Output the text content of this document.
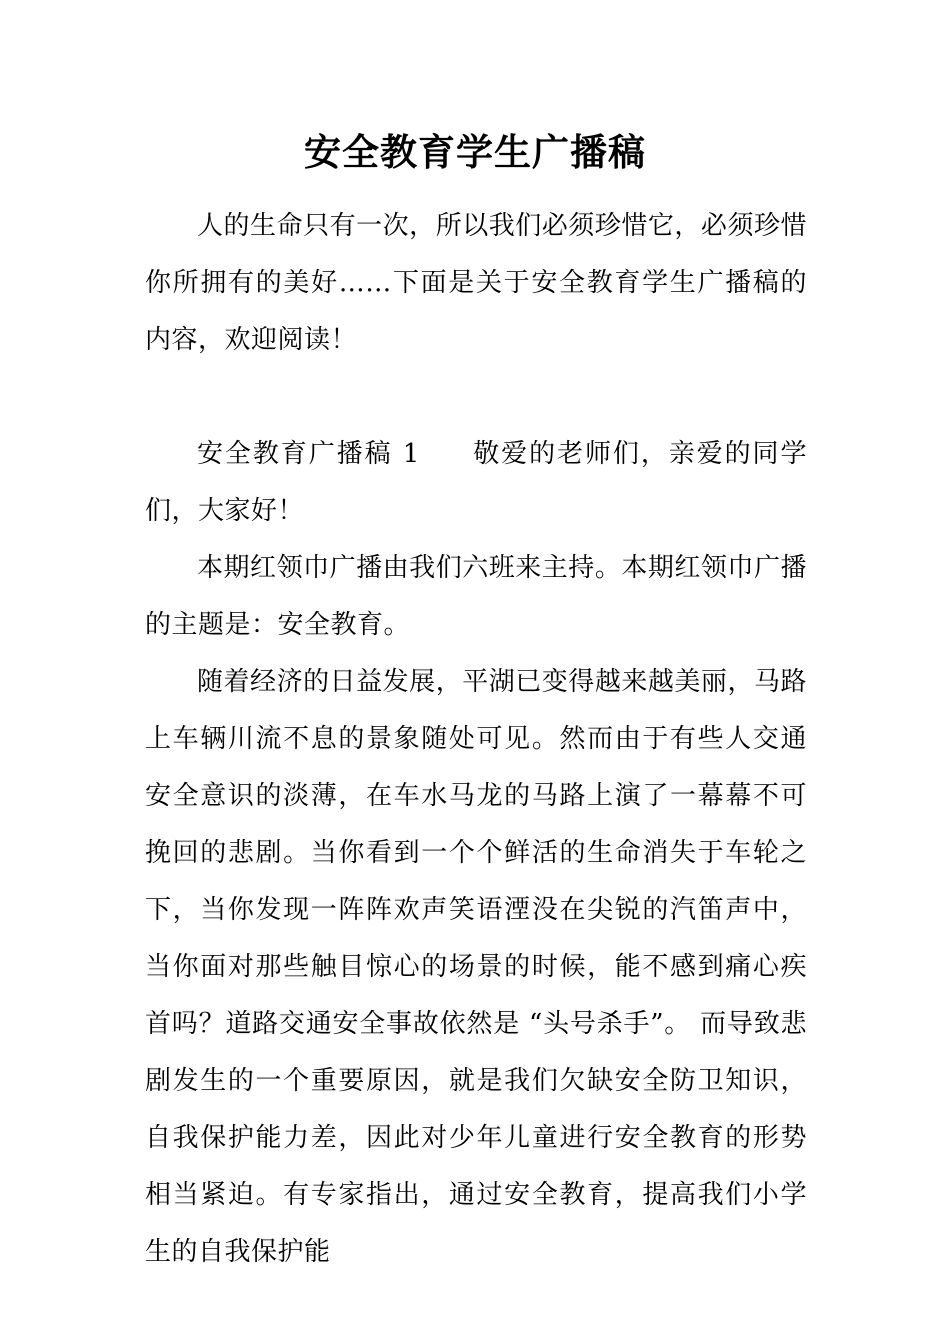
安全教育学生广播稿

人的生命只有一次，所以我们必须珍惜它，必须珍惜你所拥有的美好……下面是关于安全教育学生广播稿的内容，欢迎阅读！

安全教育广播稿 1 敬爱的老师们，亲爱的同学们，大家好！

本期红领巾广播由我们六班来主持。本期红领巾广播的主题是：安全教育。

随着经济的日益发展，平湖已变得越来越美丽，马路上车辆川流不息的景象随处可见。然而由于有些人交通 安全意识的淡薄，在车水马龙的马路上演了一幕幕不可挽回的悲剧。当你看到一个个鲜活的生命消失于车轮之下，当你发现一阵阵欢声笑语湮没在尖锐的汽笛声中，当你面对那些触目惊心的场景的时候，能不感到痛心疾首吗？道路交通安全事故依然是 “头号杀手”。 而导致悲剧发生的一个重要原因，就是我们欠缺安全防卫知识，自我保护能力差，因此对少年儿童进行安全教育的形势相当紧迫。有专家指出，通过安全教育，提高我们小学生的自我保护能
